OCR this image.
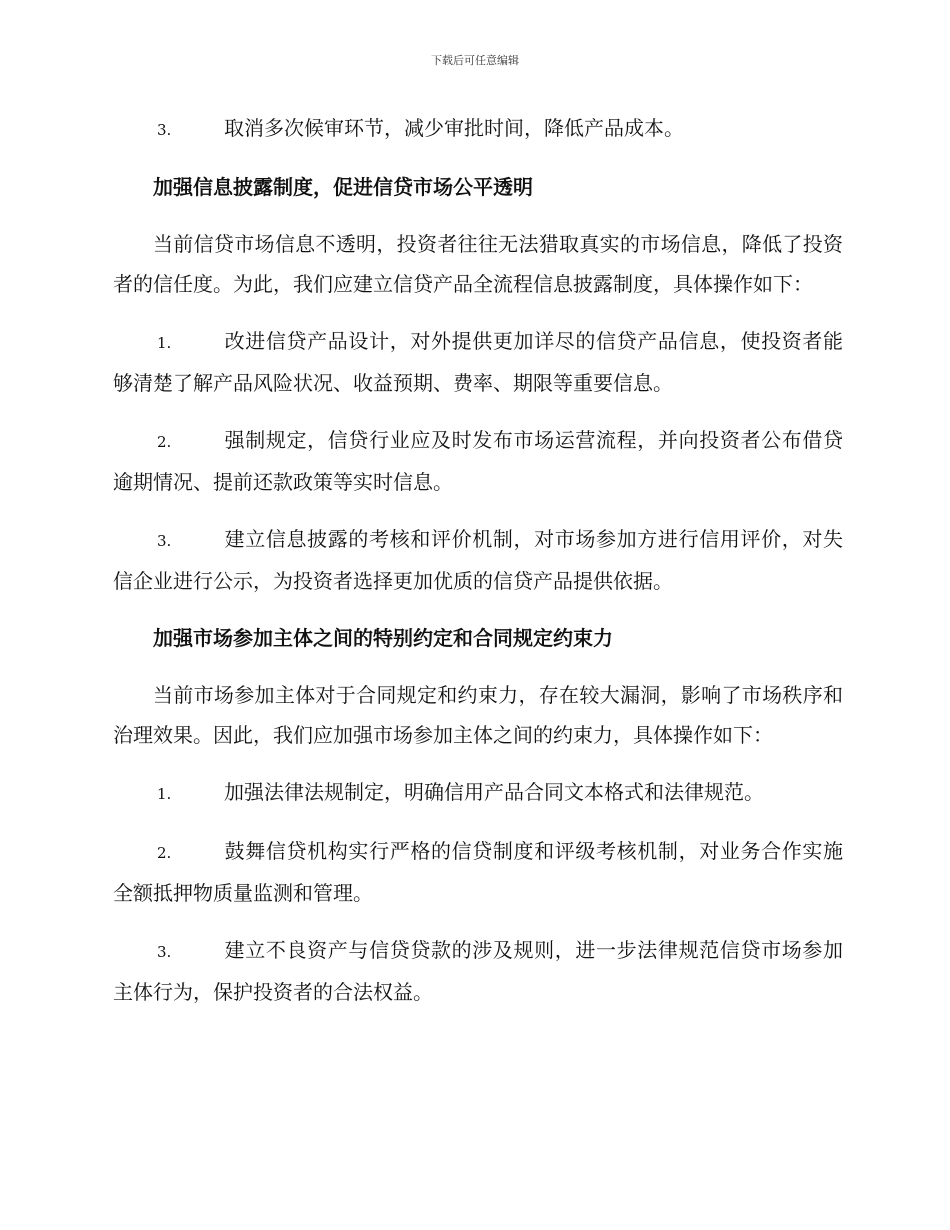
下载后可任意编辑
3.	取消多次候审环节，减少审批时间，降低产品成本。
加强信息披露制度，促进信贷市场公平透明
当前信贷市场信息不透明，投资者往往无法猎取真实的市场信息，降低了投资者的信任度。为此，我们应建立信贷产品全流程信息披露制度，具体操作如下：
1.	改进信贷产品设计，对外提供更加详尽的信贷产品信息，使投资者能够清楚了解产品风险状况、收益预期、费率、期限等重要信息。
2.	强制规定，信贷行业应及时发布市场运营流程，并向投资者公布借贷逾期情况、提前还款政策等实时信息。
3.	建立信息披露的考核和评价机制，对市场参加方进行信用评价，对失信企业进行公示，为投资者选择更加优质的信贷产品提供依据。
加强市场参加主体之间的特别约定和合同规定约束力
当前市场参加主体对于合同规定和约束力，存在较大漏洞，影响了市场秩序和治理效果。因此，我们应加强市场参加主体之间的约束力，具体操作如下：
1.	加强法律法规制定，明确信用产品合同文本格式和法律规范。
2.	鼓舞信贷机构实行严格的信贷制度和评级考核机制，对业务合作实施全额抵押物质量监测和管理。
3.	建立不良资产与信贷贷款的涉及规则，进一步法律规范信贷市场参加主体行为，保护投资者的合法权益。
